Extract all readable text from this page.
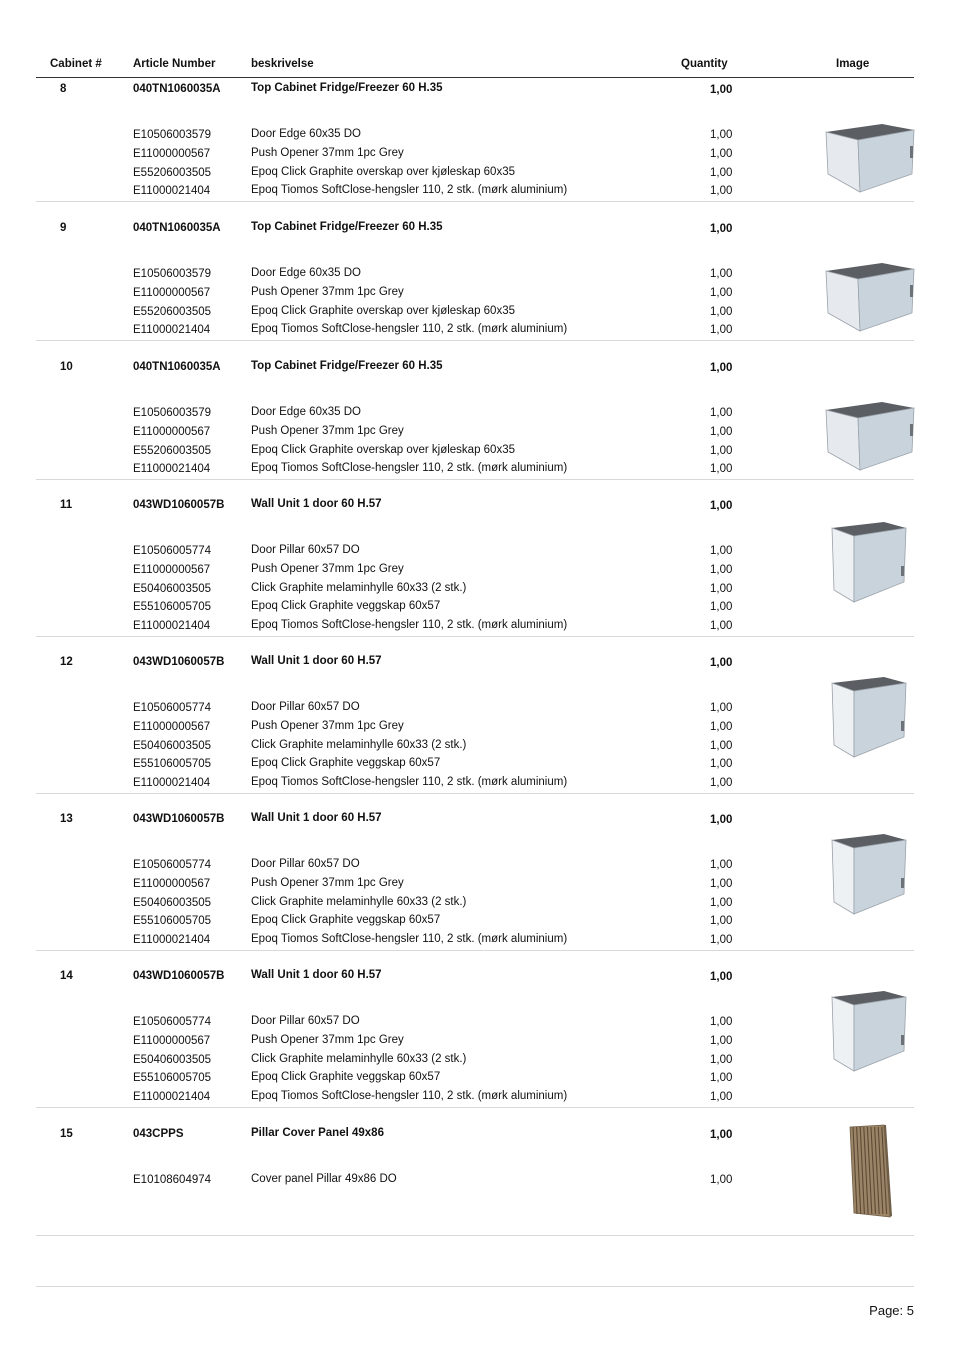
Cabinet #	Article Number	beskrivelse	Quantity	Image
8	040TN1060035A	Top Cabinet Fridge/Freezer 60 H.35	1,00
E10506003579	Door Edge 60x35 DO	1,00
E11000000567	Push Opener 37mm 1pc Grey	1,00
E55206003505	Epoq Click Graphite overskap over kjøleskap 60x35	1,00
E11000021404	Epoq Tiomos SoftClose-hengsler 110, 2 stk. (mørk aluminium)	1,00
9	040TN1060035A	Top Cabinet Fridge/Freezer 60 H.35	1,00
E10506003579	Door Edge 60x35 DO	1,00
E11000000567	Push Opener 37mm 1pc Grey	1,00
E55206003505	Epoq Click Graphite overskap over kjøleskap 60x35	1,00
E11000021404	Epoq Tiomos SoftClose-hengsler 110, 2 stk. (mørk aluminium)	1,00
10	040TN1060035A	Top Cabinet Fridge/Freezer 60 H.35	1,00
E10506003579	Door Edge 60x35 DO	1,00
E11000000567	Push Opener 37mm 1pc Grey	1,00
E55206003505	Epoq Click Graphite overskap over kjøleskap 60x35	1,00
E11000021404	Epoq Tiomos SoftClose-hengsler 110, 2 stk. (mørk aluminium)	1,00
11	043WD1060057B Wall Unit 1 door 60 H.57	1,00
E10506005774	Door Pillar 60x57 DO	1,00
E11000000567	Push Opener 37mm 1pc Grey	1,00
E50406003505	Click Graphite melaminhylle 60x33 (2 stk.)	1,00
E55106005705	Epoq Click Graphite veggskap 60x57	1,00
E11000021404	Epoq Tiomos SoftClose-hengsler 110, 2 stk. (mørk aluminium)	1,00
12	043WD1060057B Wall Unit 1 door 60 H.57	1,00
E10506005774	Door Pillar 60x57 DO	1,00
E11000000567	Push Opener 37mm 1pc Grey	1,00
E50406003505	Click Graphite melaminhylle 60x33 (2 stk.)	1,00
E55106005705	Epoq Click Graphite veggskap 60x57	1,00
E11000021404	Epoq Tiomos SoftClose-hengsler 110, 2 stk. (mørk aluminium)	1,00
13	043WD1060057B Wall Unit 1 door 60 H.57	1,00
E10506005774	Door Pillar 60x57 DO	1,00
E11000000567	Push Opener 37mm 1pc Grey	1,00
E50406003505	Click Graphite melaminhylle 60x33 (2 stk.)	1,00
E55106005705	Epoq Click Graphite veggskap 60x57	1,00
E11000021404	Epoq Tiomos SoftClose-hengsler 110, 2 stk. (mørk aluminium)	1,00
14	043WD1060057B Wall Unit 1 door 60 H.57	1,00
E10506005774	Door Pillar 60x57 DO	1,00
E11000000567	Push Opener 37mm 1pc Grey	1,00
E50406003505	Click Graphite melaminhylle 60x33 (2 stk.)	1,00
E55106005705	Epoq Click Graphite veggskap 60x57	1,00
E11000021404	Epoq Tiomos SoftClose-hengsler 110, 2 stk. (mørk aluminium)	1,00
15	043CPPS	Pillar Cover Panel 49x86	1,00
E10108604974	Cover panel Pillar 49x86 DO	1,00
Page: 5
